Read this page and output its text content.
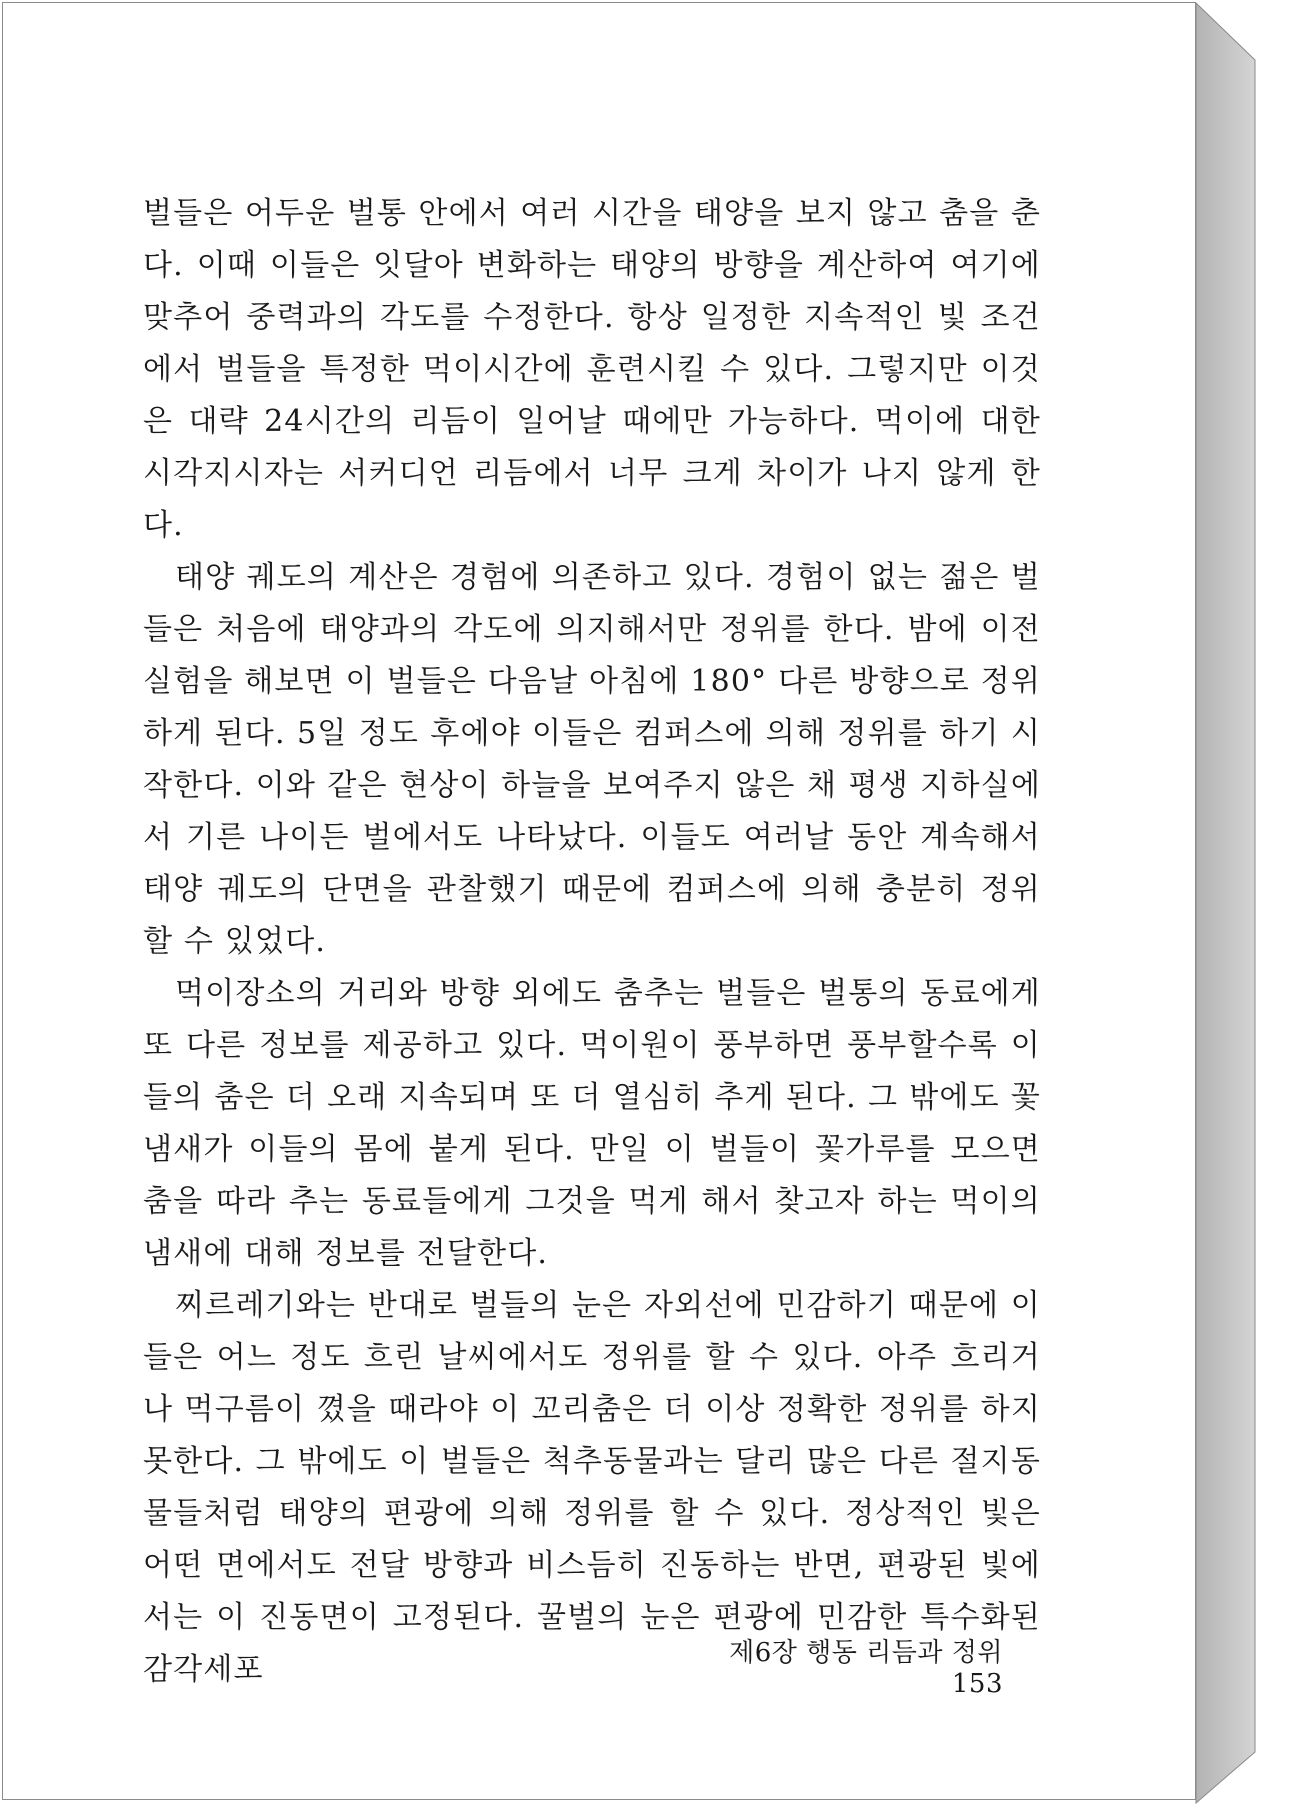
벌들은 어두운 벌통 안에서 여러 시간을 태양을 보지 않고 춤을 춘다. 이때 이들은 잇달아 변화하는 태양의 방향을 계산하여 여기에 맞추어 중력과의 각도를 수정한다. 항상 일정한 지속적인 빛 조건에서 벌들을 특정한 먹이시간에 훈련시킬 수 있다. 그렇지만 이것은 대략 24시간의 리듬이 일어날 때에만 가능하다. 먹이에 대한 시각지시자는 서커디언 리듬에서 너무 크게 차이가 나지 않게 한다.

태양 궤도의 계산은 경험에 의존하고 있다. 경험이 없는 젊은 벌들은 처음에 태양과의 각도에 의지해서만 정위를 한다. 밤에 이전실험을 해보면 이 벌들은 다음날 아침에 180° 다른 방향으로 정위하게 된다. 5일 정도 후에야 이들은 컴퍼스에 의해 정위를 하기 시작한다. 이와 같은 현상이 하늘을 보여주지 않은 채 평생 지하실에서 기른 나이든 벌에서도 나타났다. 이들도 여러날 동안 계속해서 태양 궤도의 단면을 관찰했기 때문에 컴퍼스에 의해 충분히 정위할 수 있었다.

먹이장소의 거리와 방향 외에도 춤추는 벌들은 벌통의 동료에게 또 다른 정보를 제공하고 있다. 먹이원이 풍부하면 풍부할수록 이들의 춤은 더 오래 지속되며 또 더 열심히 추게 된다. 그 밖에도 꽃냄새가 이들의 몸에 붙게 된다. 만일 이 벌들이 꽃가루를 모으면 춤을 따라 추는 동료들에게 그것을 먹게 해서 찾고자 하는 먹이의 냄새에 대해 정보를 전달한다.

찌르레기와는 반대로 벌들의 눈은 자외선에 민감하기 때문에 이들은 어느 정도 흐린 날씨에서도 정위를 할 수 있다. 아주 흐리거나 먹구름이 꼈을 때라야 이 꼬리춤은 더 이상 정확한 정위를 하지 못한다. 그 밖에도 이 벌들은 척추동물과는 달리 많은 다른 절지동물들처럼 태양의 편광에 의해 정위를 할 수 있다. 정상적인 빛은 어떤 면에서도 전달 방향과 비스듬히 진동하는 반면, 편광된 빛에서는 이 진동면이 고정된다. 꿀벌의 눈은 편광에 민감한 특수화된 감각세포	제6장 행동 리듬과 정위153
